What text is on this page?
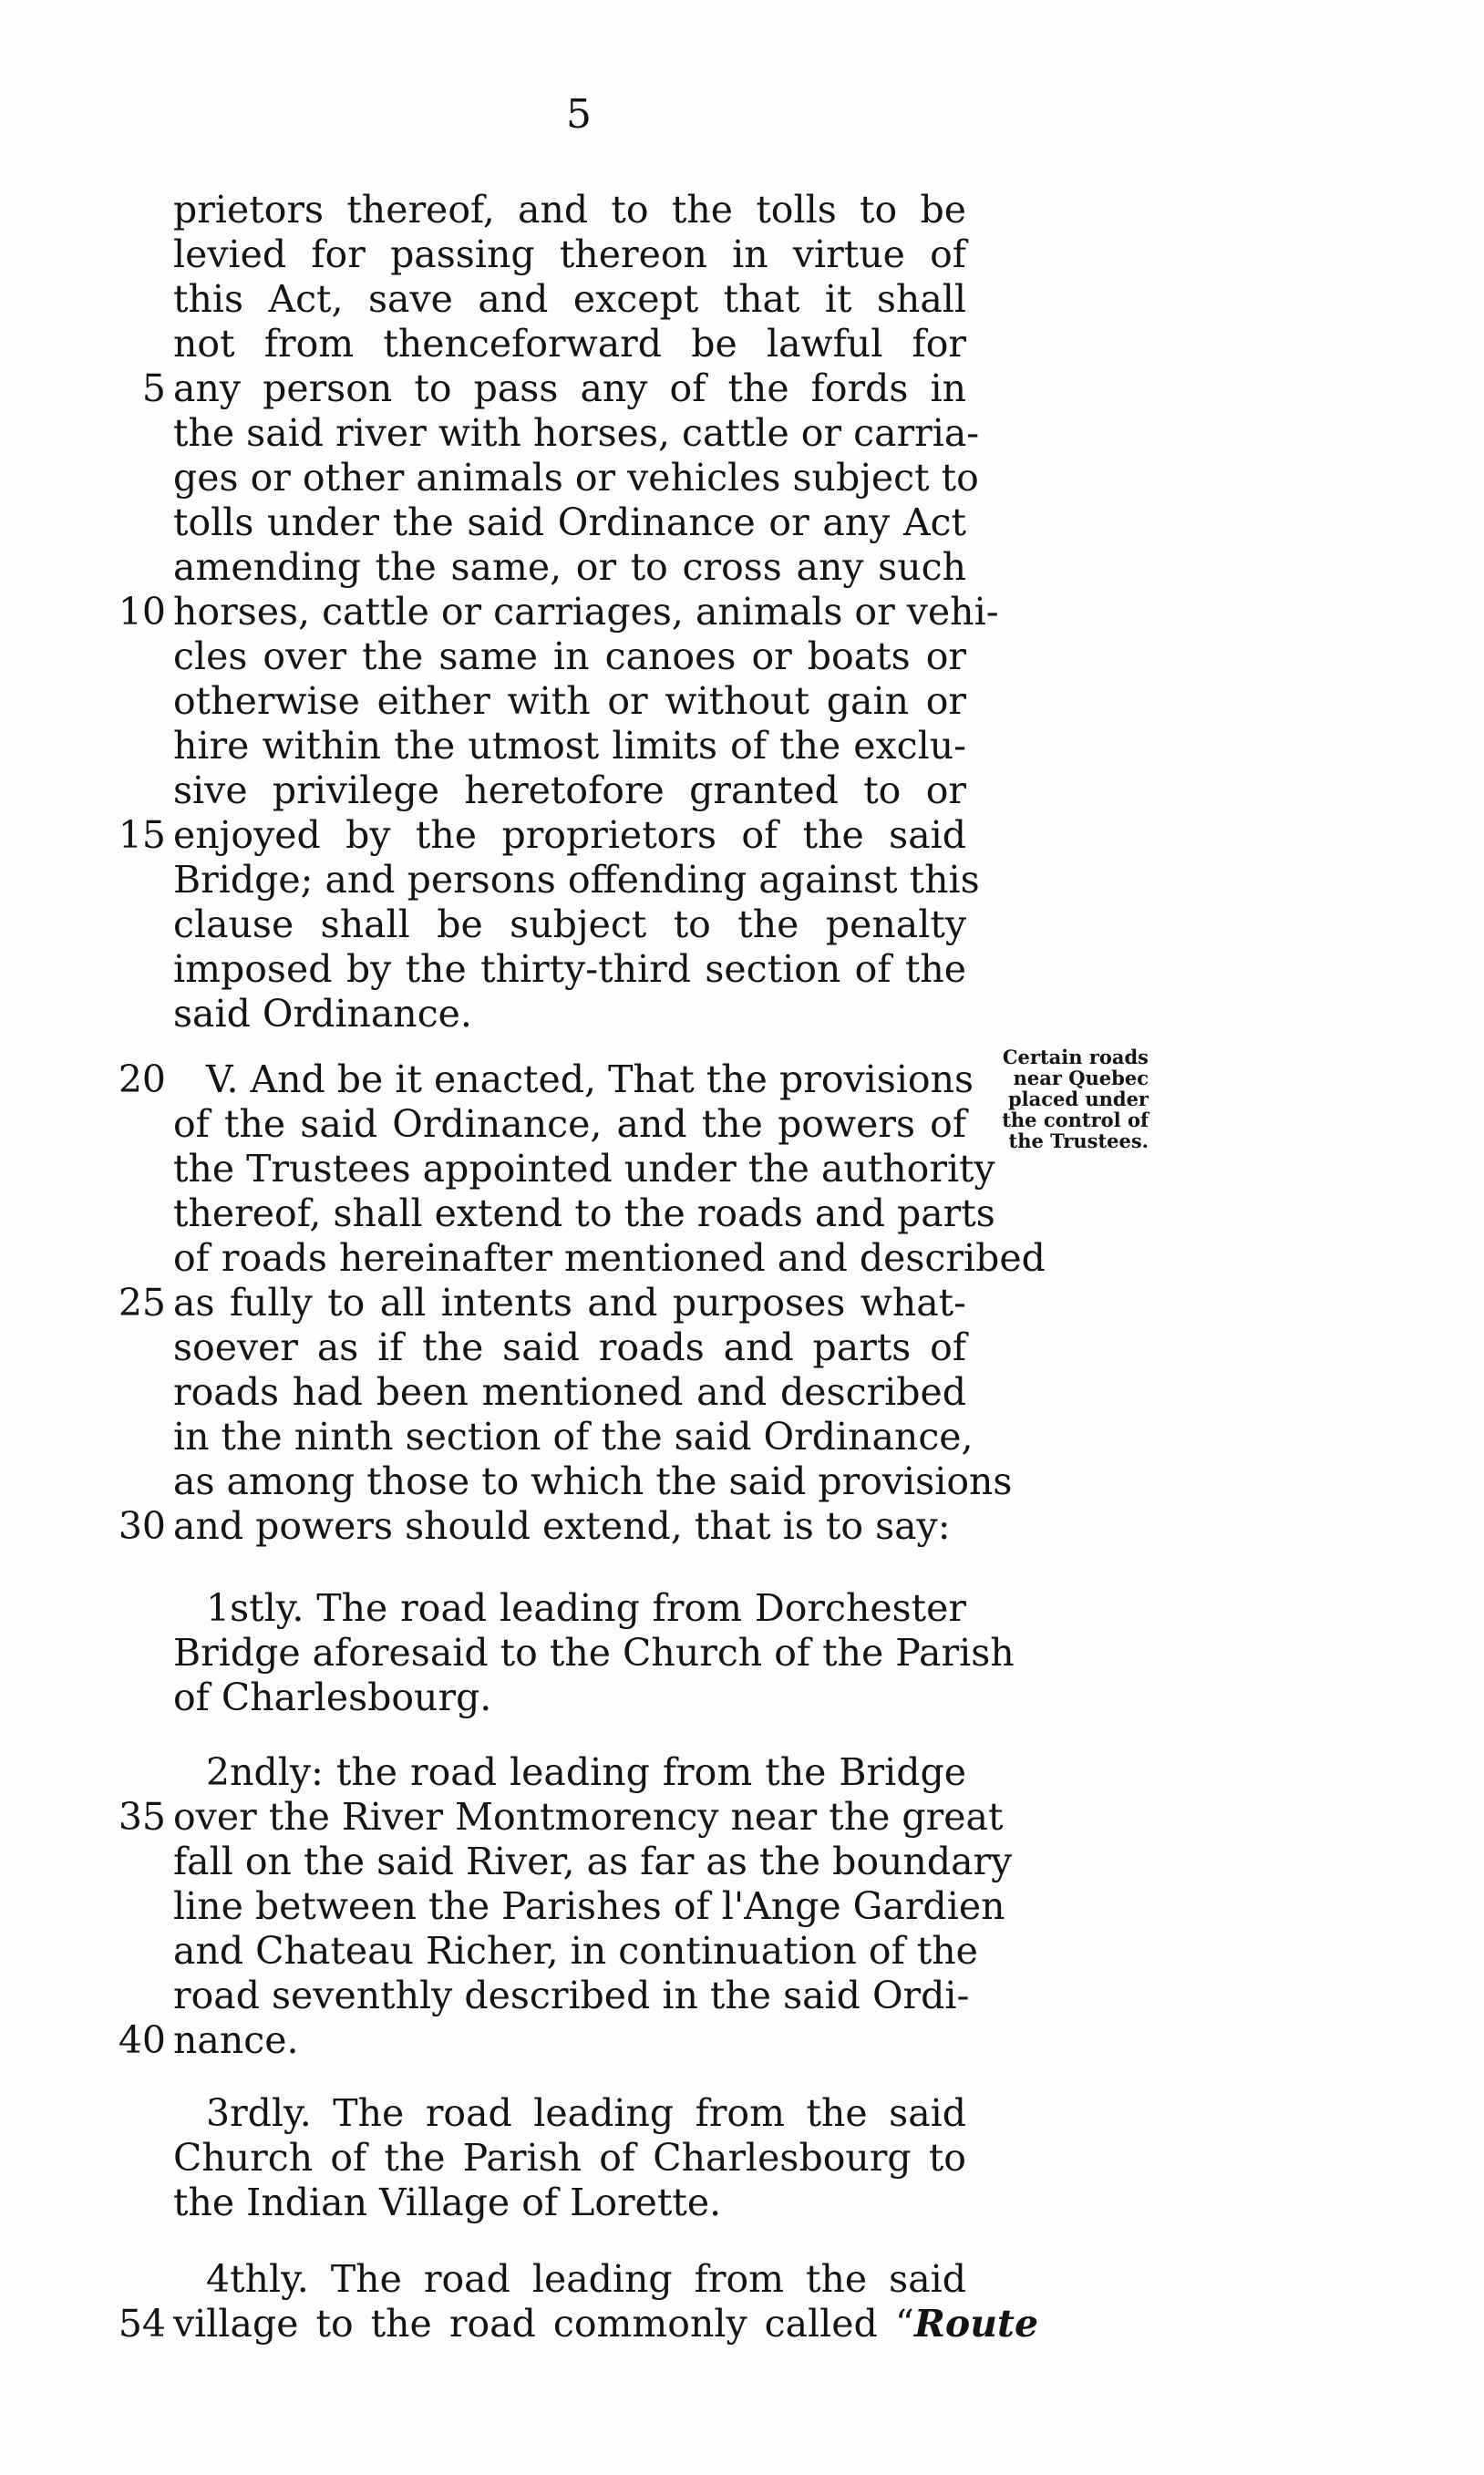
5
prietors thereof, and to the tolls to be
levied for passing thereon in virtue of
this Act, save and except that it shall
not from thenceforward be lawful for
5 any person to pass any of the fords in
the said river with horses, cattle or carria-
ges or other animals or vehicles subject to
tolls under the said Ordinance or any Act
amending the same, or to cross any such
10 horses, cattle or carriages, animals or vehi-
cles over the same in canoes or boats or
otherwise either with or without gain or
hire within the utmost limits of the exclu-
sive privilege heretofore granted to or
15 enjoyed by the proprietors of the said
Bridge; and persons offending against this
clause shall be subject to the penalty
imposed by the thirty-third section of the
said Ordinance.
Certain roads
near Quebec
placed under
the control of
the Trustees.
20	V. And be it enacted, That the provisions
of the said Ordinance, and the powers of
the Trustees appointed under the authority
thereof, shall extend to the roads and parts
of roads hereinafter mentioned and described
25 as fully to all intents and purposes what-
soever as if the said roads and parts of
roads had been mentioned and described
in the ninth section of the said Ordinance,
as among those to which the said provisions
30 and powers should extend, that is to say:
1stly. The road leading from Dorchester
Bridge aforesaid to the Church of the Parish
of Charlesbourg.
2ndly: the road leading from the Bridge
35 over the River Montmorency near the great
fall on the said River, as far as the boundary
line between the Parishes of l'Ange Gardien
and Chateau Richer, in continuation of the
road seventhly described in the said Ordi-
40 nance.
3rdly. The road leading from the said
Church of the Parish of Charlesbourg to
the Indian Village of Lorette.
4thly. The road leading from the said
54 village to the road commonly called “Route
